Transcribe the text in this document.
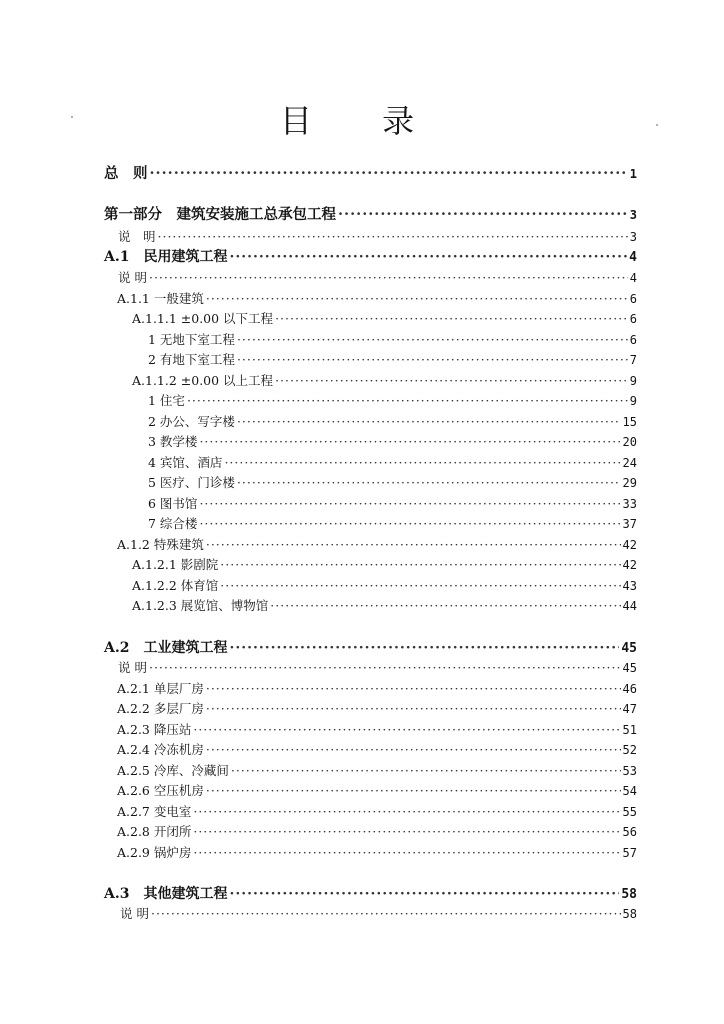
目 录
总　则 ·····	1
第一部分　建筑安装施工总承包工程 ·····	3
说　明 ·····	3
A.1　民用建筑工程 ·····	4
说 明 ·····	4
A.1.1 一般建筑 ·····	6
A.1.1.1 ±0.00 以下工程 ·····	6
1 无地下室工程 ·····	6
2 有地下室工程 ·····	7
A.1.1.2 ±0.00 以上工程 ·····	9
1 住宅 ·····	9
2 办公、写字楼 ·····	15
3 教学楼 ·····	20
4 宾馆、酒店 ·····	24
5 医疗、门诊楼 ·····	29
6 图书馆 ·····	33
7 综合楼 ·····	37
A.1.2 特殊建筑 ·····	42
A.1.2.1 影剧院 ·····	42
A.1.2.2 体育馆 ·····	43
A.1.2.3 展览馆、博物馆 ·····	44
A.2　工业建筑工程 ·····	45
说 明 ·····	45
A.2.1 单层厂房 ·····	46
A.2.2 多层厂房 ·····	47
A.2.3 降压站 ·····	51
A.2.4 冷冻机房 ·····	52
A.2.5 冷库、冷藏间 ·····	53
A.2.6 空压机房 ·····	54
A.2.7 变电室 ·····	55
A.2.8 开闭所 ·····	56
A.2.9 锅炉房 ·····	57
A.3　其他建筑工程 ·····	58
说 明 ·····	58
